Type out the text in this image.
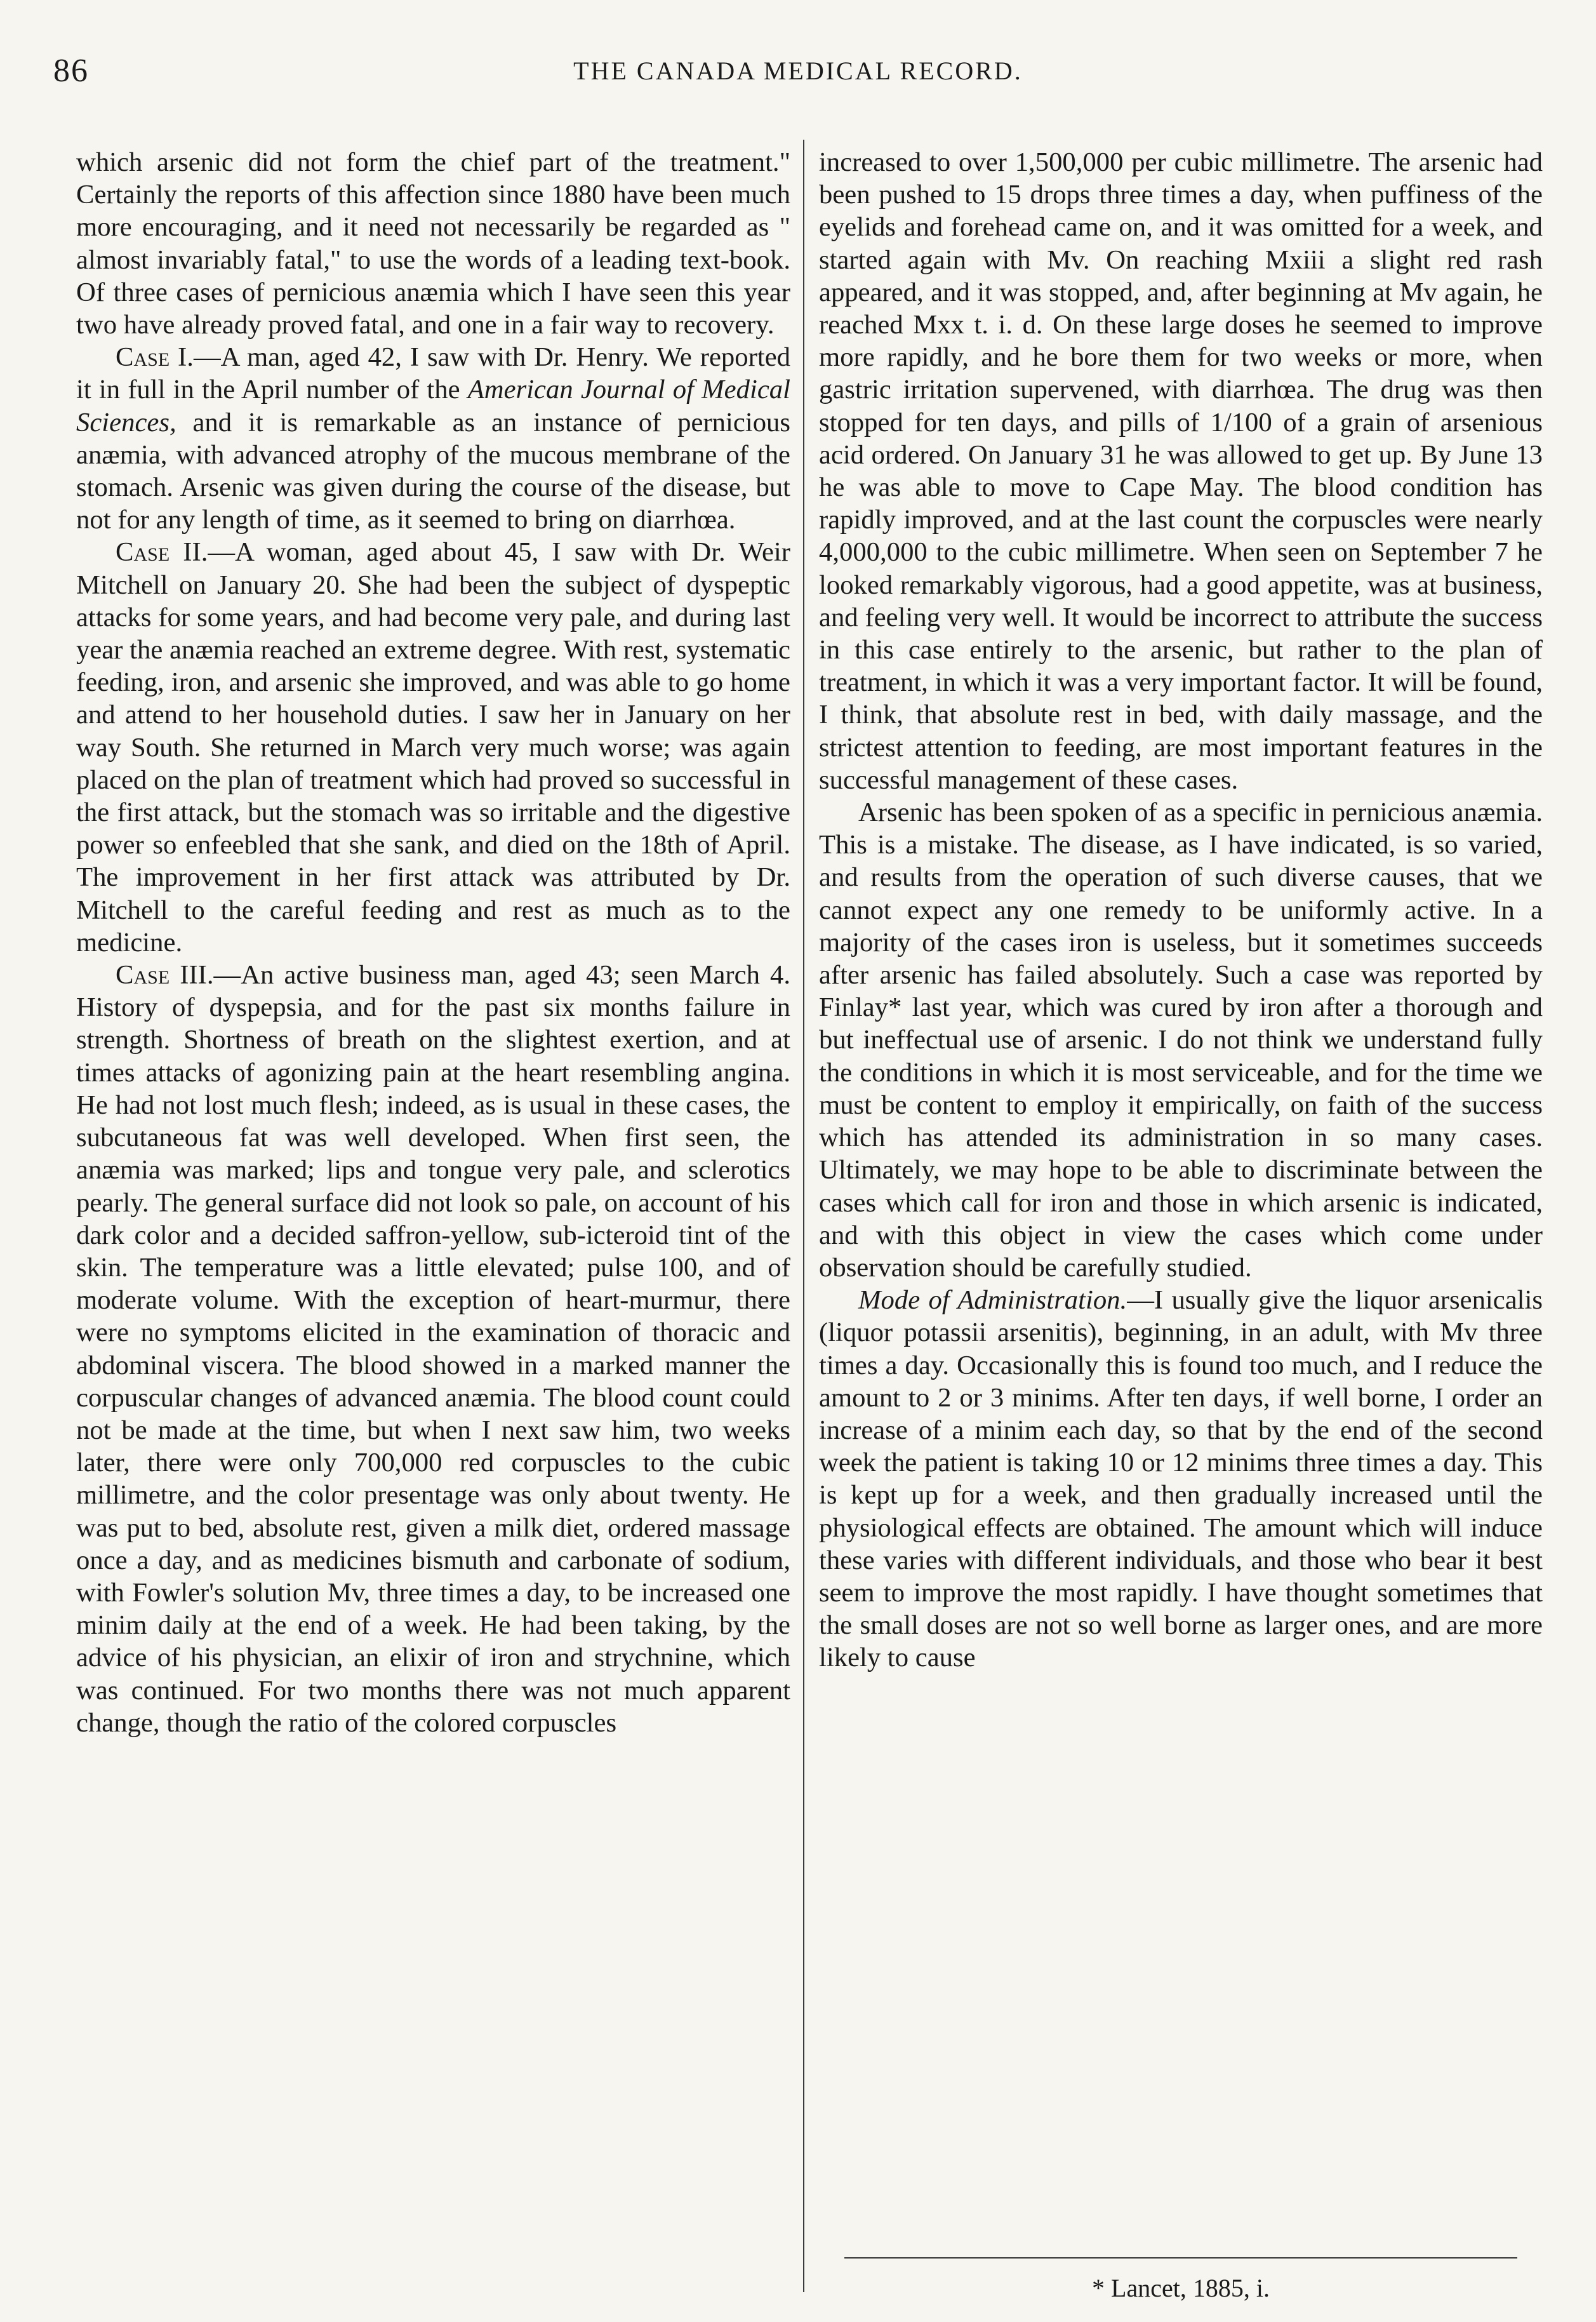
86	THE CANADA MEDICAL RECORD.

which arsenic did not form the chief part of the treatment." Certainly the reports of this affection since 1880 have been much more encouraging, and it need not necessarily be regarded as " almost invariably fatal," to use the words of a leading text-book. Of three cases of pernicious anæmia which I have seen this year two have already proved fatal, and one in a fair way to recovery.

Case I.—A man, aged 42, I saw with Dr. Henry. We reported it in full in the April number of the American Journal of Medical Sciences, and it is remarkable as an instance of pernicious anæmia, with advanced atrophy of the mucous membrane of the stomach. Arsenic was given during the course of the disease, but not for any length of time, as it seemed to bring on diarrhœa.

Case II.—A woman, aged about 45, I saw with Dr. Weir Mitchell on January 20. She had been the subject of dyspeptic attacks for some years, and had become very pale, and during last year the anæmia reached an extreme degree. With rest, systematic feeding, iron, and arsenic she improved, and was able to go home and attend to her household duties. I saw her in January on her way South. She returned in March very much worse; was again placed on the plan of treatment which had proved so successful in the first attack, but the stomach was so irritable and the digestive power so enfeebled that she sank, and died on the 18th of April. The improvement in her first attack was attributed by Dr. Mitchell to the careful feeding and rest as much as to the medicine.

Case III.—An active business man, aged 43; seen March 4. History of dyspepsia, and for the past six months failure in strength. Shortness of breath on the slightest exertion, and at times attacks of agonizing pain at the heart resembling angina. He had not lost much flesh; indeed, as is usual in these cases, the subcutaneous fat was well developed. When first seen, the anæmia was marked; lips and tongue very pale, and sclerotics pearly. The general surface did not look so pale, on account of his dark color and a decided saffron-yellow, sub-icteroid tint of the skin. The temperature was a little elevated; pulse 100, and of moderate volume. With the exception of heart-murmur, there were no symptoms elicited in the examination of thoracic and abdominal viscera. The blood showed in a marked manner the corpuscular changes of advanced anæmia. The blood count could not be made at the time, but when I next saw him, two weeks later, there were only 700,000 red corpuscles to the cubic millimetre, and the color presentage was only about twenty. He was put to bed, absolute rest, given a milk diet, ordered massage once a day, and as medicines bismuth and carbonate of sodium, with Fowler's solution Mv, three times a day, to be increased one minim daily at the end of a week. He had been taking, by the advice of his physician, an elixir of iron and strychnine, which was continued. For two months there was not much apparent change, though the ratio of the colored corpuscles

increased to over 1,500,000 per cubic millimetre. The arsenic had been pushed to 15 drops three times a day, when puffiness of the eyelids and forehead came on, and it was omitted for a week, and started again with Mv. On reaching Mxiii a slight red rash appeared, and it was stopped, and, after beginning at Mv again, he reached Mxx t. i. d. On these large doses he seemed to improve more rapidly, and he bore them for two weeks or more, when gastric irritation supervened, with diarrhœa. The drug was then stopped for ten days, and pills of 1/100 of a grain of arsenious acid ordered. On January 31 he was allowed to get up. By June 13 he was able to move to Cape May. The blood condition has rapidly improved, and at the last count the corpuscles were nearly 4,000,000 to the cubic millimetre. When seen on September 7 he looked remarkably vigorous, had a good appetite, was at business, and feeling very well. It would be incorrect to attribute the success in this case entirely to the arsenic, but rather to the plan of treatment, in which it was a very important factor. It will be found, I think, that absolute rest in bed, with daily massage, and the strictest attention to feeding, are most important features in the successful management of these cases.

Arsenic has been spoken of as a specific in pernicious anæmia. This is a mistake. The disease, as I have indicated, is so varied, and results from the operation of such diverse causes, that we cannot expect any one remedy to be uniformly active. In a majority of the cases iron is useless, but it sometimes succeeds after arsenic has failed absolutely. Such a case was reported by Finlay* last year, which was cured by iron after a thorough and but ineffectual use of arsenic. I do not think we understand fully the conditions in which it is most serviceable, and for the time we must be content to employ it empirically, on faith of the success which has attended its administration in so many cases. Ultimately, we may hope to be able to discriminate between the cases which call for iron and those in which arsenic is indicated, and with this object in view the cases which come under observation should be carefully studied.

Mode of Administration.—I usually give the liquor arsenicalis (liquor potassii arsenitis), beginning, in an adult, with Mv three times a day. Occasionally this is found too much, and I reduce the amount to 2 or 3 minims. After ten days, if well borne, I order an increase of a minim each day, so that by the end of the second week the patient is taking 10 or 12 minims three times a day. This is kept up for a week, and then gradually increased until the physiological effects are obtained. The amount which will induce these varies with different individuals, and those who bear it best seem to improve the most rapidly. I have thought sometimes that the small doses are not so well borne as larger ones, and are more likely to cause

* Lancet, 1885, i.
